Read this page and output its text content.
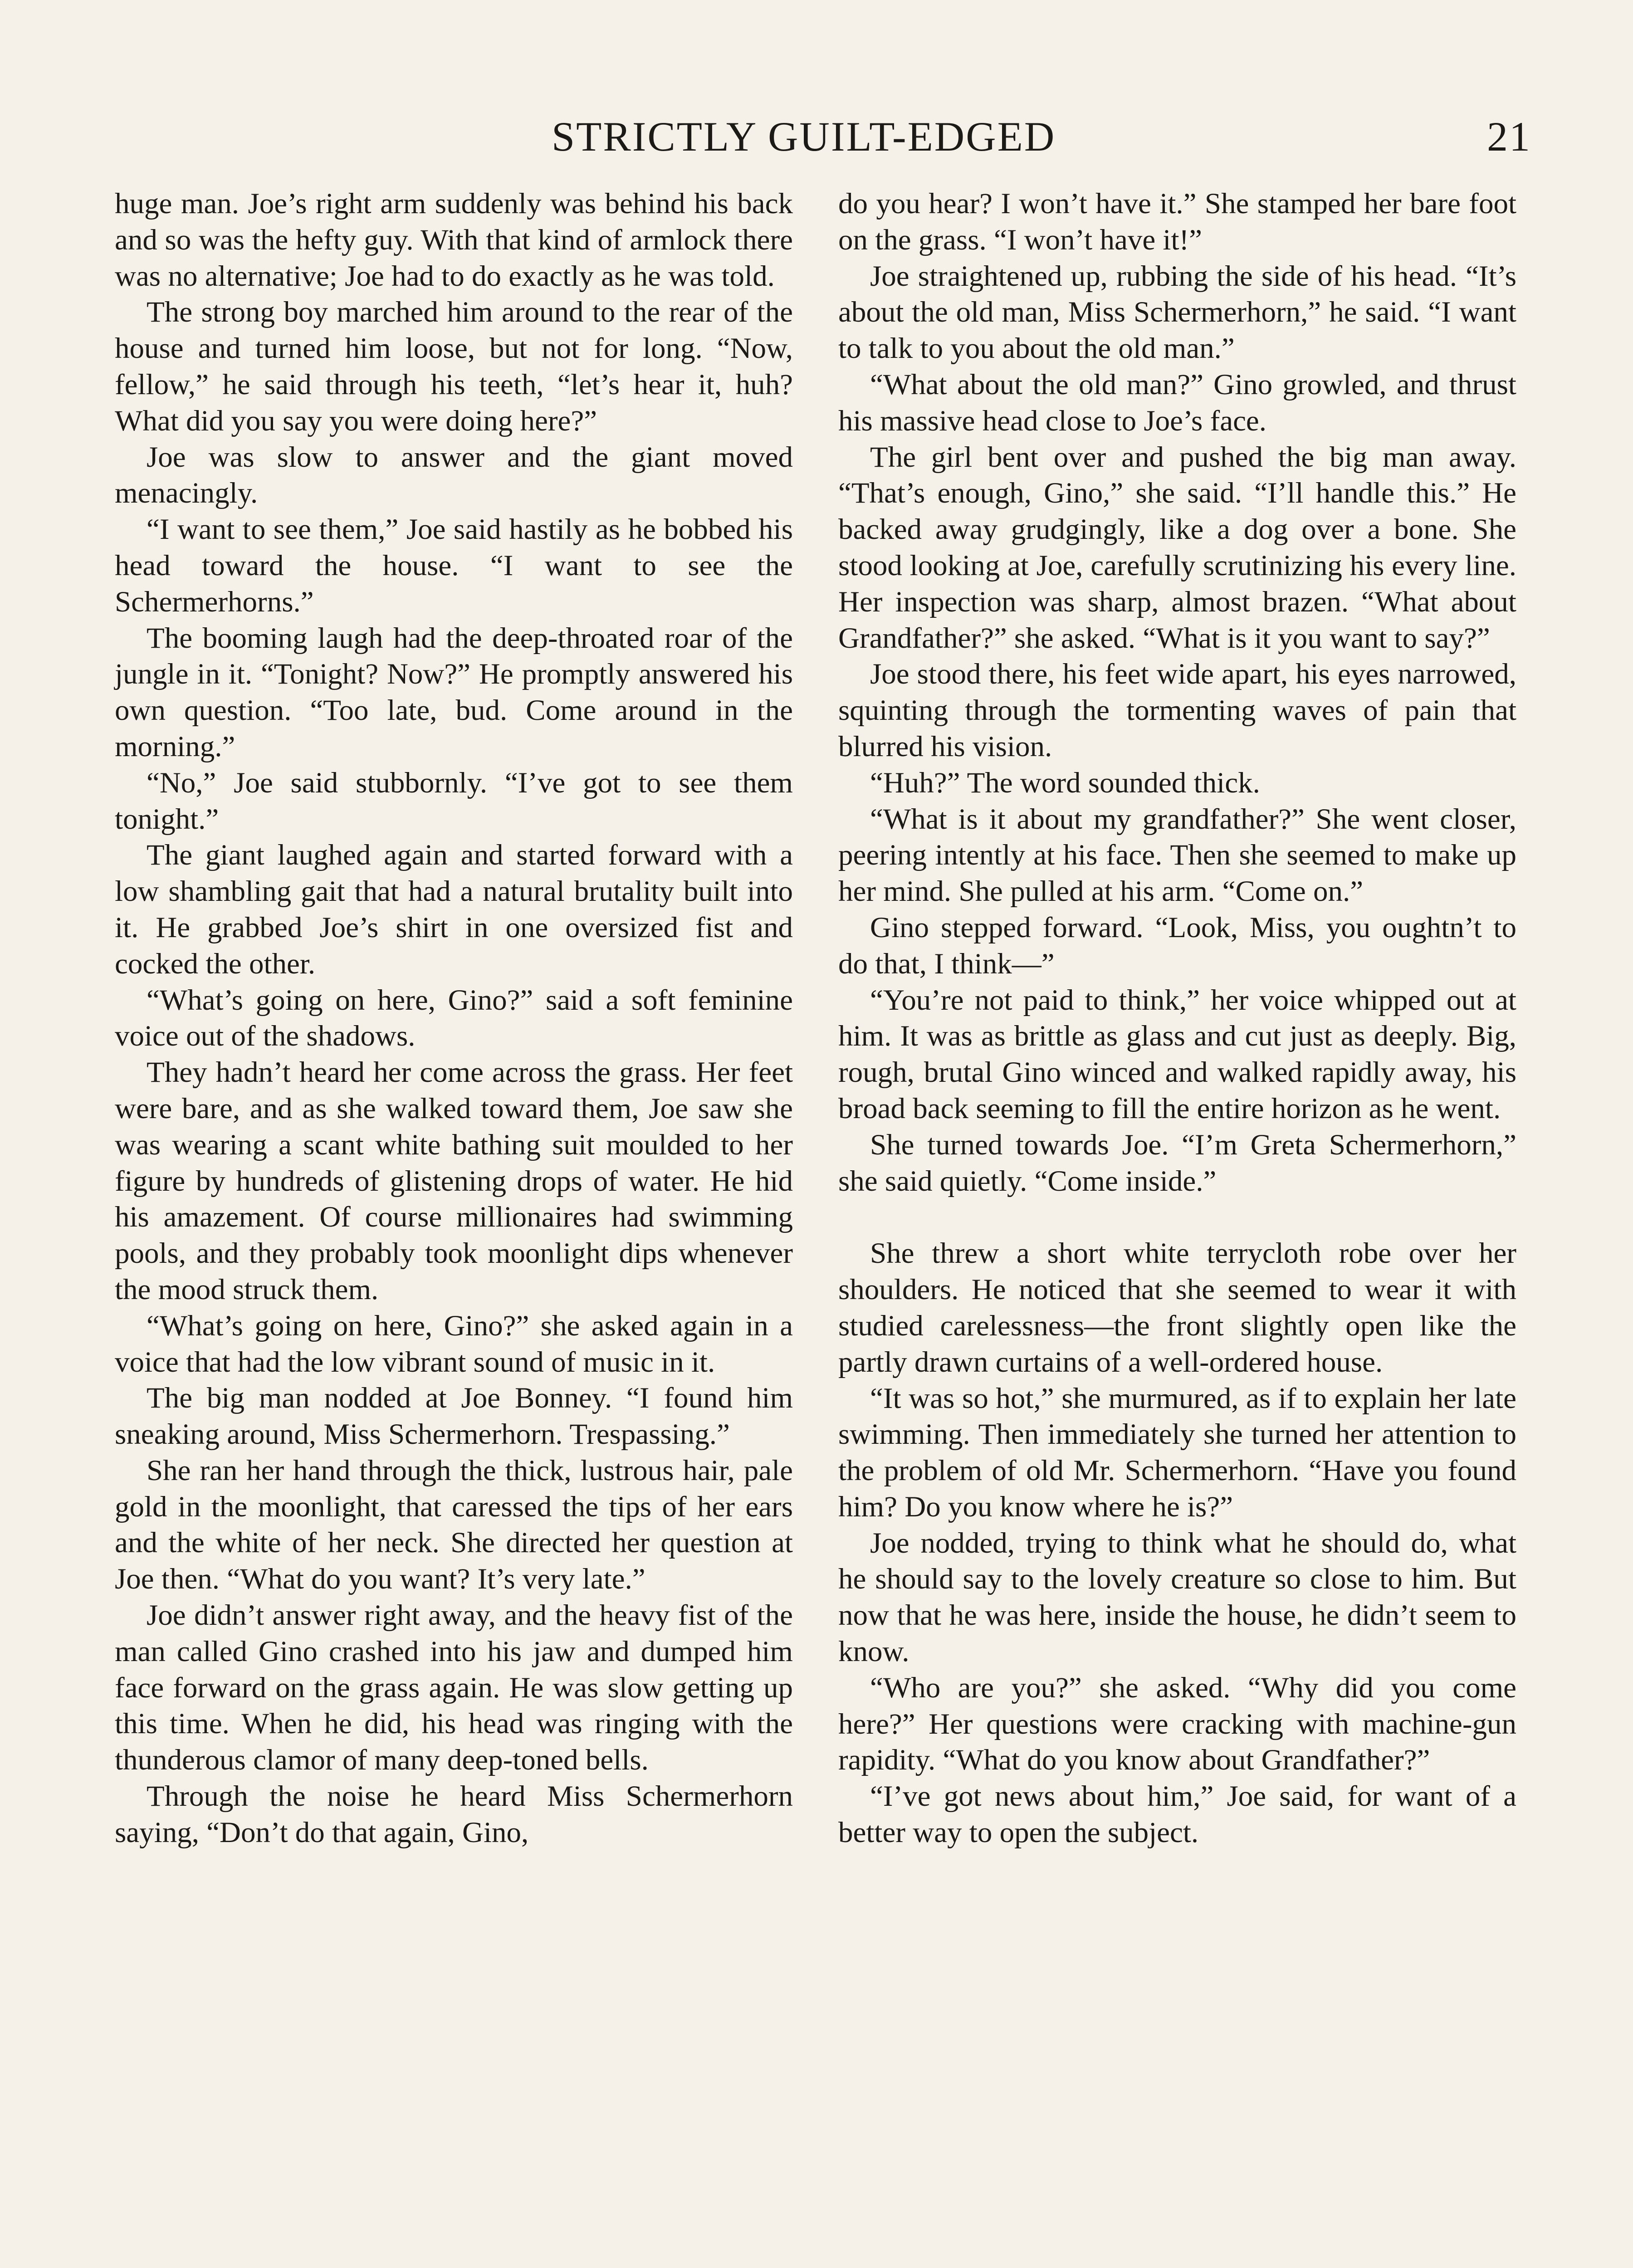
STRICTLY GUILT-EDGED	21

huge man. Joe’s right arm suddenly was behind his back and so was the hefty guy. With that kind of armlock there was no alternative; Joe had to do exactly as he was told.

The strong boy marched him around to the rear of the house and turned him loose, but not for long. “Now, fellow,” he said through his teeth, “let’s hear it, huh? What did you say you were doing here?”

Joe was slow to answer and the giant moved menacingly.

“I want to see them,” Joe said hastily as he bobbed his head toward the house. “I want to see the Schermerhorns.”

The booming laugh had the deep-throated roar of the jungle in it. “Tonight? Now?” He promptly answered his own question. “Too late, bud. Come around in the morning.”

“No,” Joe said stubbornly. “I’ve got to see them tonight.”

The giant laughed again and started forward with a low shambling gait that had a natural brutality built into it. He grabbed Joe’s shirt in one oversized fist and cocked the other.

“What’s going on here, Gino?” said a soft feminine voice out of the shadows.

They hadn’t heard her come across the grass. Her feet were bare, and as she walked toward them, Joe saw she was wearing a scant white bathing suit moulded to her figure by hundreds of glistening drops of water. He hid his amazement. Of course millionaires had swimming pools, and they probably took moonlight dips whenever the mood struck them.

“What’s going on here, Gino?” she asked again in a voice that had the low vibrant sound of music in it.

The big man nodded at Joe Bonney. “I found him sneaking around, Miss Schermerhorn. Trespassing.”

She ran her hand through the thick, lustrous hair, pale gold in the moonlight, that caressed the tips of her ears and the white of her neck. She directed her question at Joe then. “What do you want? It’s very late.”

Joe didn’t answer right away, and the heavy fist of the man called Gino crashed into his jaw and dumped him face forward on the grass again. He was slow getting up this time. When he did, his head was ringing with the thunderous clamor of many deep-toned bells.

Through the noise he heard Miss Schermerhorn saying, “Don’t do that again, Gino,

do you hear? I won’t have it.” She stamped her bare foot on the grass. “I won’t have it!”

Joe straightened up, rubbing the side of his head. “It’s about the old man, Miss Schermerhorn,” he said. “I want to talk to you about the old man.”

“What about the old man?” Gino growled, and thrust his massive head close to Joe’s face.

The girl bent over and pushed the big man away. “That’s enough, Gino,” she said. “I’ll handle this.” He backed away grudgingly, like a dog over a bone. She stood looking at Joe, carefully scrutinizing his every line. Her inspection was sharp, almost brazen. “What about Grandfather?” she asked. “What is it you want to say?”

Joe stood there, his feet wide apart, his eyes narrowed, squinting through the tormenting waves of pain that blurred his vision.

“Huh?” The word sounded thick.

“What is it about my grandfather?” She went closer, peering intently at his face. Then she seemed to make up her mind. She pulled at his arm. “Come on.”

Gino stepped forward. “Look, Miss, you oughtn’t to do that, I think—”

“You’re not paid to think,” her voice whipped out at him. It was as brittle as glass and cut just as deeply. Big, rough, brutal Gino winced and walked rapidly away, his broad back seeming to fill the entire horizon as he went.

She turned towards Joe. “I’m Greta Schermerhorn,” she said quietly. “Come inside.”

She threw a short white terrycloth robe over her shoulders. He noticed that she seemed to wear it with studied carelessness—the front slightly open like the partly drawn curtains of a well-ordered house.

“It was so hot,” she murmured, as if to explain her late swimming. Then immediately she turned her attention to the problem of old Mr. Schermerhorn. “Have you found him? Do you know where he is?”

Joe nodded, trying to think what he should do, what he should say to the lovely creature so close to him. But now that he was here, inside the house, he didn’t seem to know.

“Who are you?” she asked. “Why did you come here?” Her questions were cracking with machine-gun rapidity. “What do you know about Grandfather?”

“I’ve got news about him,” Joe said, for want of a better way to open the subject.
